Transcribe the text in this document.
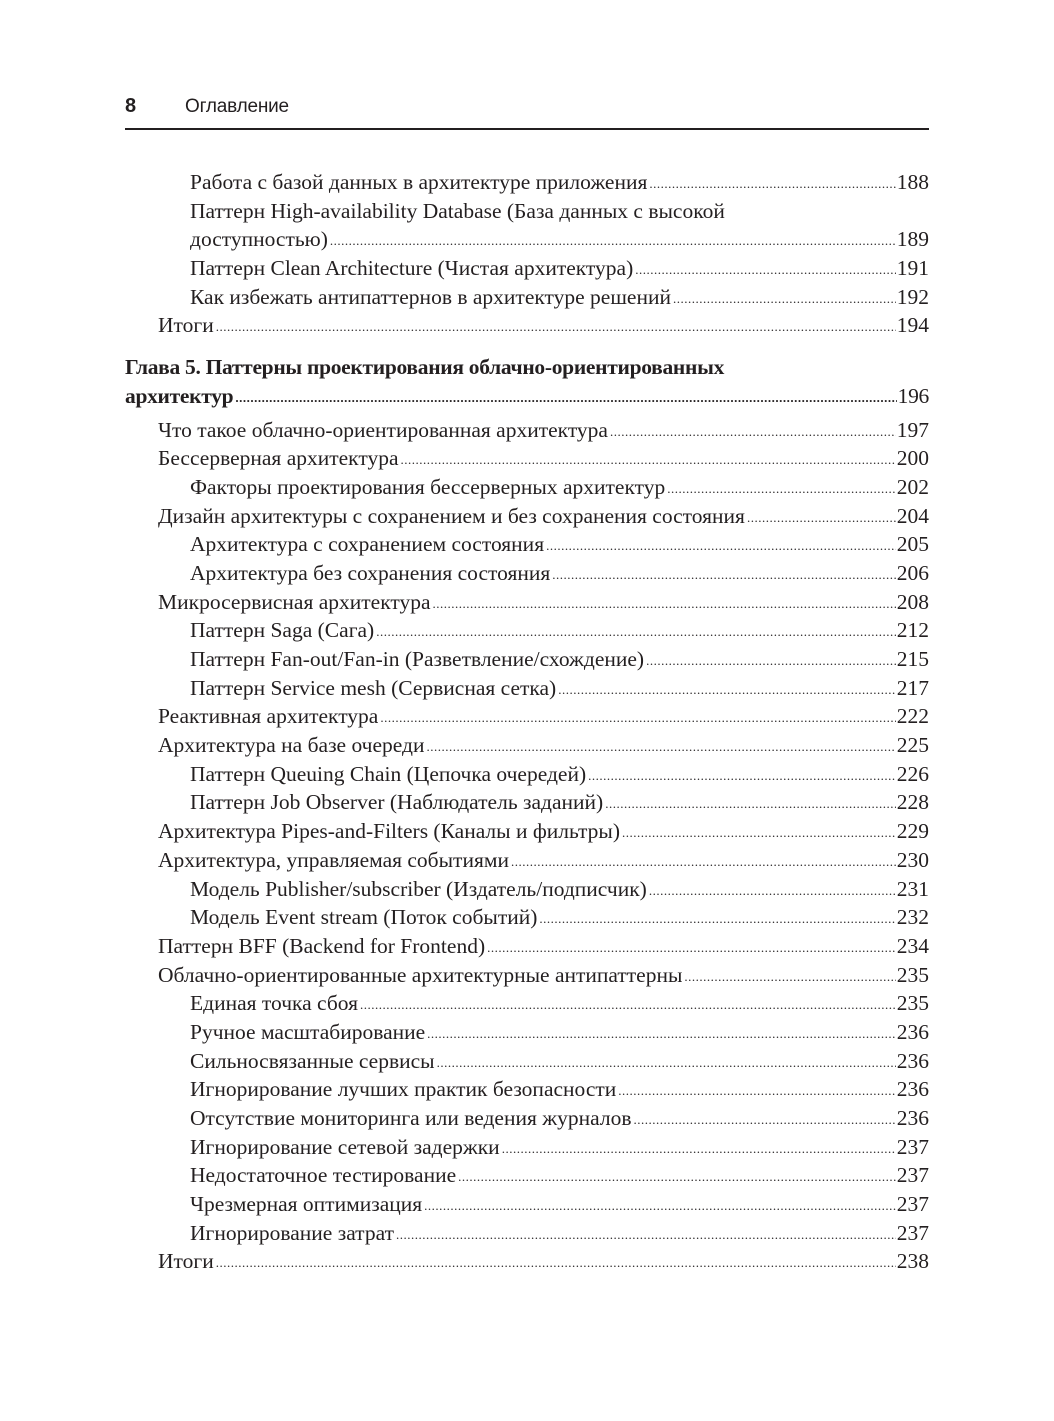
8	Оглавление
Работа с базой данных в архитектуре приложения .....	188
Паттерн High-availability Database (База данных с высокой
доступностью) .....	189
Паттерн Clean Architecture (Чистая архитектура) .....	191
Как избежать антипаттернов в архитектуре решений .....	192
Итоги .....	194
Глава 5. Паттерны проектирования облачно-ориентированных
архитектур .....	196
Что такое облачно-ориентированная архитектура .....	197
Бессерверная архитектура .....	200
Факторы проектирования бессерверных архитектур .....	202
Дизайн архитектуры с сохранением и без сохранения состояния .....	204
Архитектура с сохранением состояния .....	205
Архитектура без сохранения состояния .....	206
Микросервисная архитектура .....	208
Паттерн Saga (Сага) .....	212
Паттерн Fan-out/Fan-in (Разветвление/схождение) .....	215
Паттерн Service mesh (Сервисная сетка) .....	217
Реактивная архитектура .....	222
Архитектура на базе очереди .....	225
Паттерн Queuing Chain (Цепочка очередей) .....	226
Паттерн Job Observer (Наблюдатель заданий) .....	228
Архитектура Pipes-and-Filters (Каналы и фильтры) .....	229
Архитектура, управляемая событиями .....	230
Модель Publisher/subscriber (Издатель/подписчик) .....	231
Модель Event stream (Поток событий) .....	232
Паттерн BFF (Backend for Frontend) .....	234
Облачно-ориентированные архитектурные антипаттерны .....	235
Единая точка сбоя .....	235
Ручное масштабирование .....	236
Сильносвязанные сервисы .....	236
Игнорирование лучших практик безопасности .....	236
Отсутствие мониторинга или ведения журналов .....	236
Игнорирование сетевой задержки .....	237
Недостаточное тестирование .....	237
Чрезмерная оптимизация .....	237
Игнорирование затрат .....	237
Итоги .....	238
